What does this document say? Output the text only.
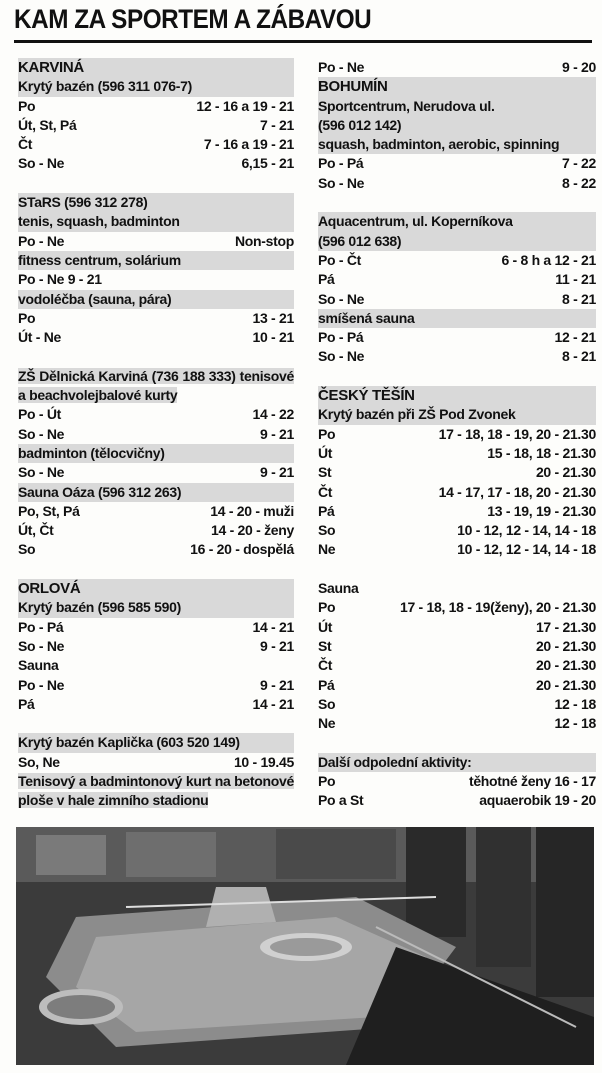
KAM ZA SPORTEM A ZÁBAVOU
KARVINÁ
Krytý bazén (596 311 076-7)
Po	12 - 16 a 19 - 21
Út, St, Pá	7 - 21
Čt	7 - 16 a 19 - 21
So - Ne	6,15 - 21
STaRS (596 312 278)
tenis, squash, badminton
Po - Ne	Non-stop
fitness centrum, solárium
Po - Ne 9 - 21
vodoléčba (sauna, pára)
Po	13 - 21
Út - Ne	10 - 21
ZŠ Dělnická Karviná (736 188 333) tenisové a beachvolejbalové kurty
Po - Út	14 - 22
So - Ne	9 - 21
badminton (tělocvičny)
So - Ne	9 - 21
Sauna Oáza (596 312 263)
Po, St, Pá	14 - 20 - muži
Út, Čt	14 - 20 - ženy
So	16 - 20 - dospělá
ORLOVÁ
Krytý bazén (596 585 590)
Po - Pá	14 - 21
So - Ne	9 - 21
Sauna
Po - Ne	9 - 21
Pá	14 - 21
Krytý bazén Kaplička (603 520 149)
So, Ne	10 - 19.45
Tenisový a badmintonový kurt na betonové ploše v hale zimního stadionu
Po - Ne	9 - 20
BOHUMÍN
Sportcentrum, Nerudova ul.
(596 012 142)
squash, badminton, aerobic, spinning
Po - Pá	7 - 22
So - Ne	8 - 22
Aquacentrum, ul. Koperníkova
(596 012 638)
Po - Čt	6 - 8 h a 12 - 21
Pá	11 - 21
So - Ne	8 - 21
smíšená sauna
Po - Pá	12 - 21
So - Ne	8 - 21
ČESKÝ TĚŠÍN
Krytý bazén při ZŠ Pod Zvonek
Po	17 - 18, 18 - 19, 20 - 21.30
Út	15 - 18, 18 - 21.30
St	20 - 21.30
Čt	14 - 17, 17 - 18, 20 - 21.30
Pá	13 - 19, 19 - 21.30
So	10 - 12, 12 - 14, 14 - 18
Ne	10 - 12, 12 - 14, 14 - 18
Sauna
Po	17 - 18, 18 - 19(ženy), 20 - 21.30
Út	17 - 21.30
St	20 - 21.30
Čt	20 - 21.30
Pá	20 - 21.30
So	12 - 18
Ne	12 - 18
Další odpolední aktivity:
Po	těhotné ženy 16 - 17
Po a St	aquaerobik 19 - 20
